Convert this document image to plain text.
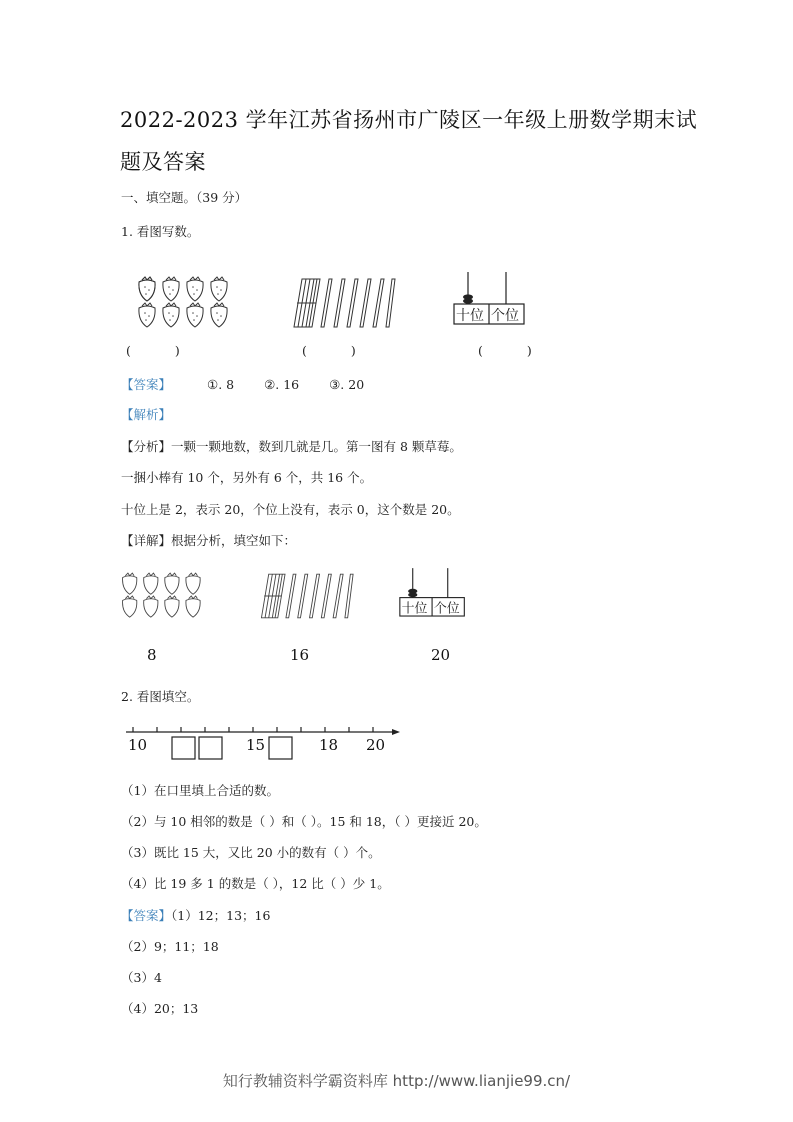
2022-2023 学年江苏省扬州市广陵区一年级上册数学期末试
题及答案
一、填空题。（39 分）
1. 看图写数。
十位 个位
(	)	(	)	(	)
【答案】	①. 8 ②. 16 ③. 20
【解析】
【分析】一颗一颗地数，数到几就是几。第一图有 8 颗草莓。
一捆小棒有 10 个，另外有 6 个，共 16 个。
十位上是 2，表示 20，个位上没有，表示 0，这个数是 20。
【详解】根据分析，填空如下：
十位 个位
8	16	20
2. 看图填空。
10	15	18 20
（1）在口里填上合适的数。
（2）与 10 相邻的数是（ ）和（ ）。15 和 18，（ ）更接近 20。
（3）既比 15 大，又比 20 小的数有（ ）个。
（4）比 19 多 1 的数是（ ），12 比（ ）少 1。
【答案】（1）12；13；16
（2）9；11；18
（3）4
（4）20；13
知行教辅资料学霸资料库 http://www.lianjie99.cn/
